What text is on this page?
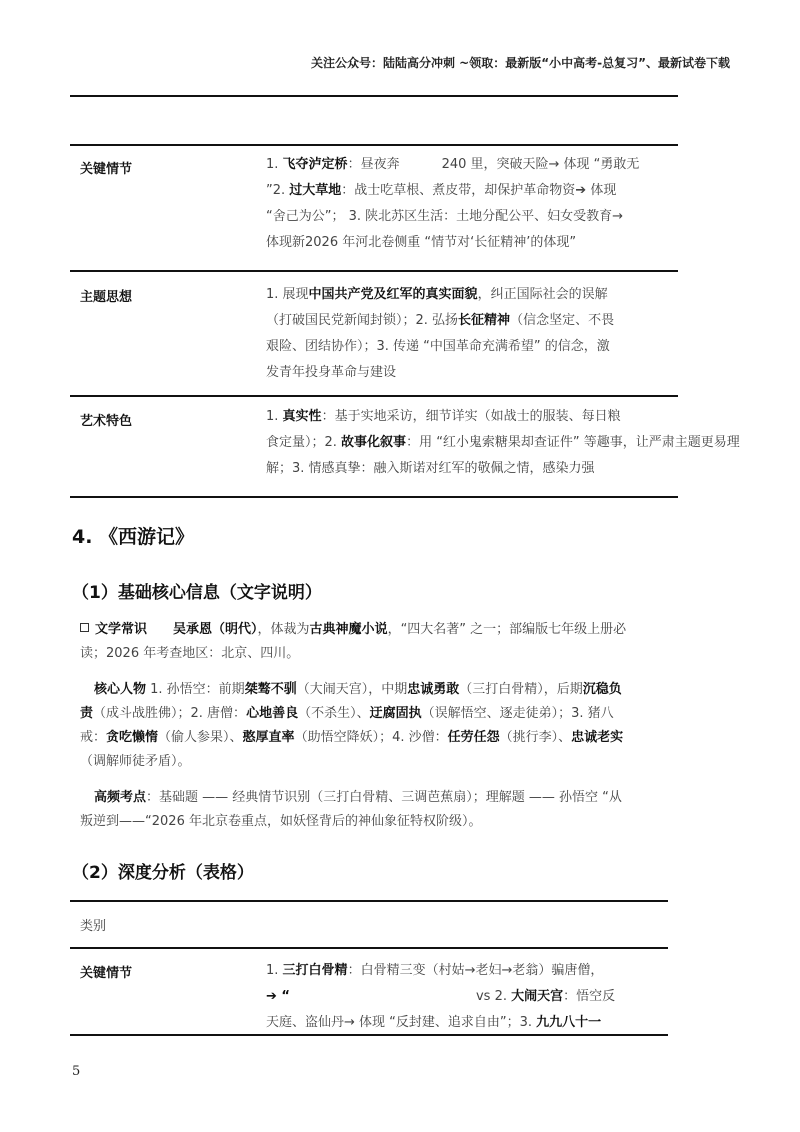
关注公众号：陆陆高分冲刺 ~领取：最新版“小中高考-总复习”、最新试卷下载
关键情节	1. 飞夺泸定桥：昼夜奔	240 里，突破天险→ 体现 “勇敢无
”2. 过大草地：战士吃草根、煮皮带，却保护革命物资➔ 体现
“舍己为公”； 3. 陕北苏区生活：土地分配公平、妇女受教育→
体现新2026 年河北卷侧重 “情节对‘长征精神’的体现”
主题思想	1. 展现中国共产党及红军的真实面貌，纠正国际社会的误解
（打破国民党新闻封锁）；2. 弘扬长征精神（信念坚定、不畏
艰险、团结协作）；3. 传递 “中国革命充满希望” 的信念，激
发青年投身革命与建设
艺术特色	1. 真实性：基于实地采访，细节详实（如战士的服装、每日粮
食定量）；2. 故事化叙事：用 “红小鬼索糖果却查证件” 等趣事，让严肃主题更易理
解；3. 情感真挚：融入斯诺对红军的敬佩之情，感染力强
4. 《西游记》
（1）基础核心信息（文字说明）
文学常识 吴承恩（明代），体裁为古典神魔小说，“四大名著” 之一；部编版七年级上册必
读；2026 年考查地区：北京、四川。
核心人物 1. 孙悟空：前期桀骜不驯（大闹天宫），中期忠诚勇敢（三打白骨精），后期沉稳负
责（成斗战胜佛）；2. 唐僧：心地善良（不杀生）、迂腐固执（误解悟空、逐走徒弟）；3. 猪八
戒：贪吃懒惰（偷人参果）、憨厚直率（助悟空降妖）；4. 沙僧：任劳任怨（挑行李）、忠诚老实
（调解师徒矛盾）。
高频考点：基础题 —— 经典情节识别（三打白骨精、三调芭蕉扇）；理解题 —— 孙悟空 “从
叛逆到——“2026 年北京卷重点，如妖怪背后的神仙象征特权阶级）。
（2）深度分析（表格）
类别
关键情节	1. 三打白骨精：白骨精三变（村姑→老妇→老翁）骗唐僧，
➔ “	vs 2. 大闹天宫：悟空反
天庭、盗仙丹→ 体现 “反封建、追求自由”；3. 九九八十一
5
